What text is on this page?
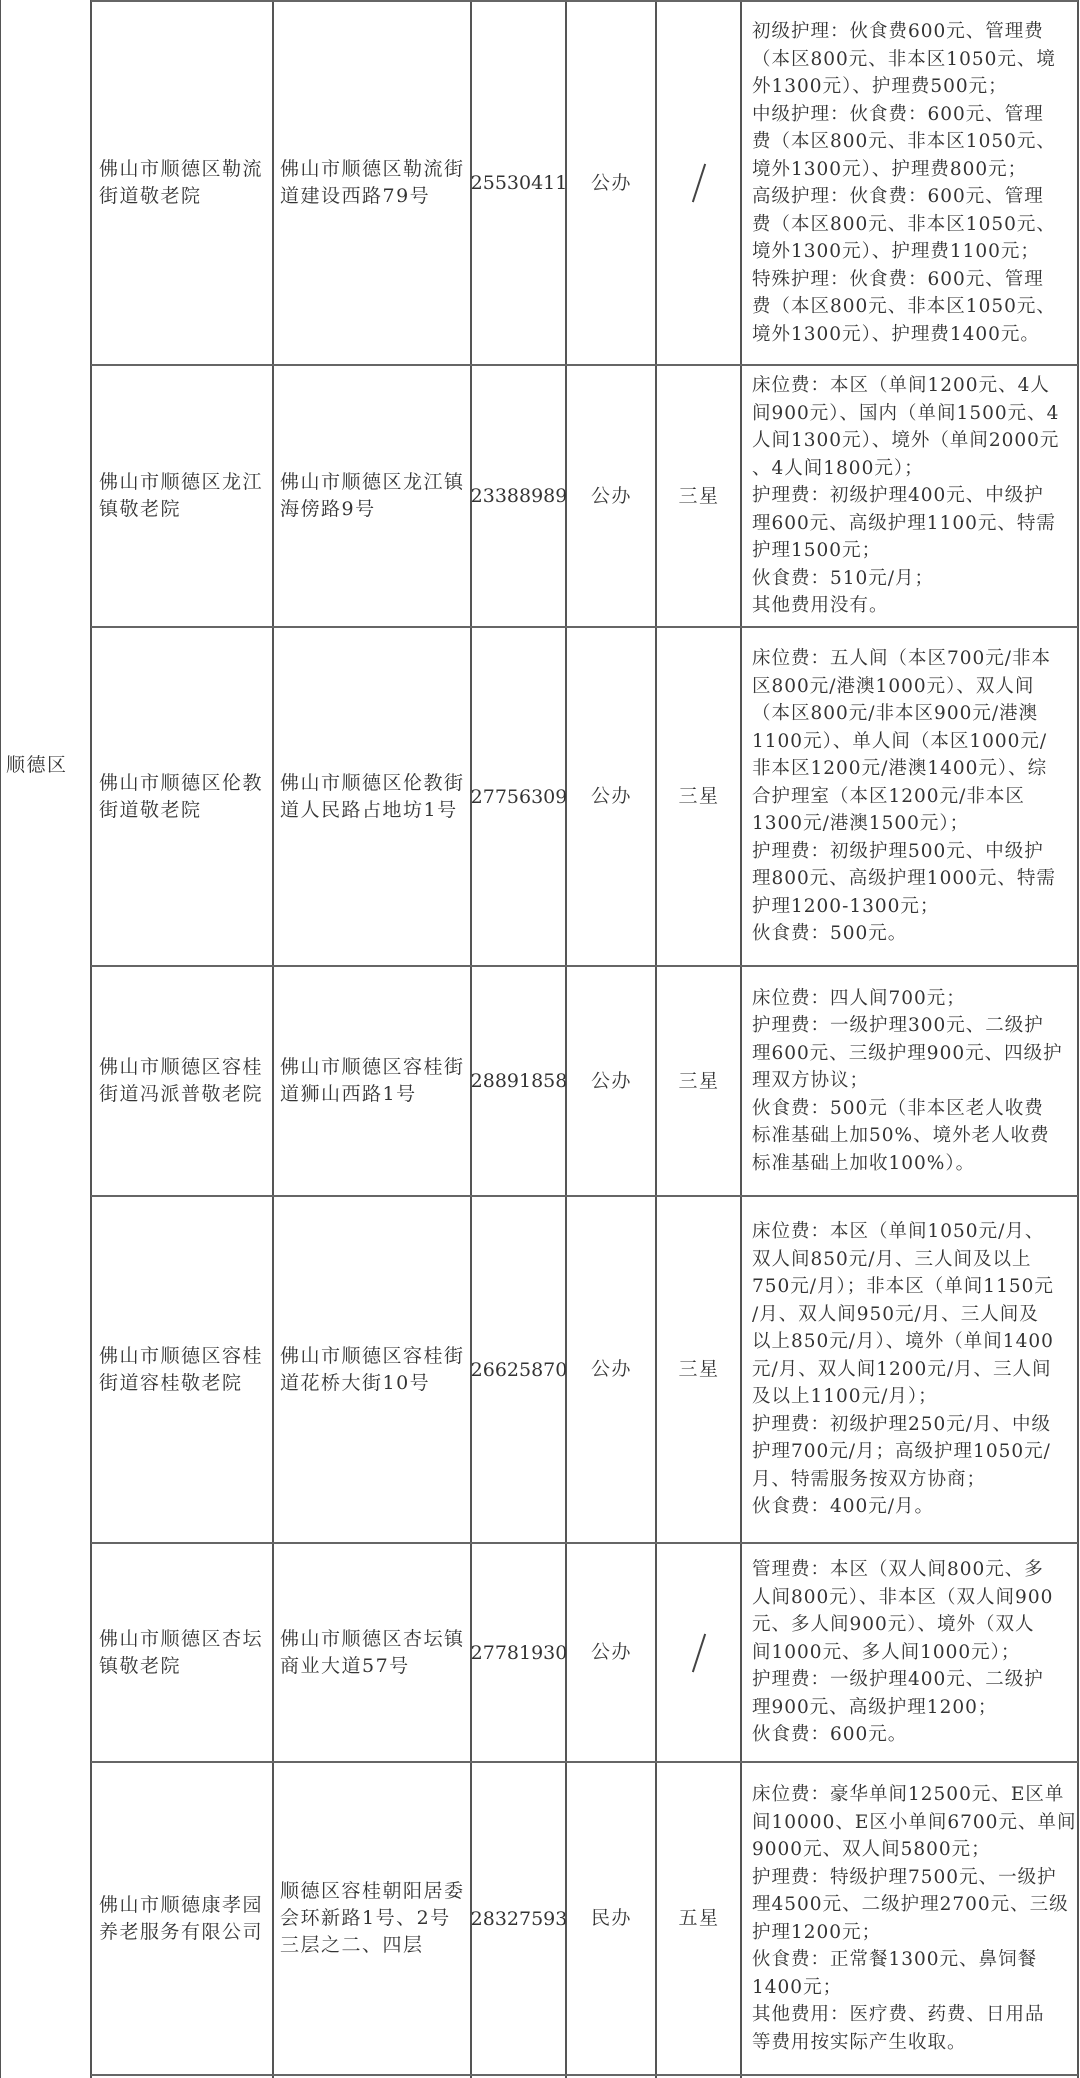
顺德区
佛山市顺德区勒流街道敬老院
佛山市顺德区勒流街道建设西路79号
25530411 公办
初级护理：伙食费600元、管理费
（本区800元、非本区1050元、境
外1300元）、护理费500元；
中级护理：伙食费：600元、管理
费（本区800元、非本区1050元、
境外1300元）、护理费800元；
高级护理：伙食费：600元、管理
费（本区800元、非本区1050元、
境外1300元）、护理费1100元；
特殊护理：伙食费：600元、管理
费（本区800元、非本区1050元、
境外1300元）、护理费1400元。
佛山市顺德区龙江镇敬老院
佛山市顺德区龙江镇海傍路9号
23388989 公办 三星
床位费：本区（单间1200元、4人
间900元）、国内（单间1500元、4
人间1300元）、境外（单间2000元
、4人间1800元）；
护理费：初级护理400元、中级护
理600元、高级护理1100元、特需
护理1500元；
伙食费：510元/月；
其他费用没有。
佛山市顺德区伦教街道敬老院
佛山市顺德区伦教街道人民路占地坊1号
27756309 公办 三星
床位费：五人间（本区700元/非本
区800元/港澳1000元）、双人间
（本区800元/非本区900元/港澳
1100元）、单人间（本区1000元/
非本区1200元/港澳1400元）、综
合护理室（本区1200元/非本区
1300元/港澳1500元）；
护理费：初级护理500元、中级护
理800元、高级护理1000元、特需
护理1200-1300元；
伙食费：500元。
佛山市顺德区容桂街道冯派普敬老院
佛山市顺德区容桂街道狮山西路1号
28891858 公办 三星
床位费：四人间700元；
护理费：一级护理300元、二级护
理600元、三级护理900元、四级护
理双方协议；
伙食费：500元（非本区老人收费
标准基础上加50%、境外老人收费
标准基础上加收100%）。
佛山市顺德区容桂街道容桂敬老院
佛山市顺德区容桂街道花桥大街10号
26625870 公办 三星
床位费：本区（单间1050元/月、
双人间850元/月、三人间及以上
750元/月）；非本区（单间1150元
/月、双人间950元/月、三人间及
以上850元/月）、境外（单间1400
元/月、双人间1200元/月、三人间
及以上1100元/月）；
护理费：初级护理250元/月、中级
护理700元/月；高级护理1050元/
月、特需服务按双方协商；
伙食费：400元/月。
佛山市顺德区杏坛镇敬老院
佛山市顺德区杏坛镇商业大道57号
27781930 公办
管理费：本区（双人间800元、多
人间800元）、非本区（双人间900
元、多人间900元）、境外（双人
间1000元、多人间1000元）；
护理费：一级护理400元、二级护
理900元、高级护理1200；
伙食费：600元。
佛山市顺德康孝园养老服务有限公司
顺德区容桂朝阳居委会环新路1号、2号三层之二、四层
28327593 民办 五星
床位费：豪华单间12500元、E区单
间10000、E区小单间6700元、单间
9000元、双人间5800元；
护理费：特级护理7500元、一级护
理4500元、二级护理2700元、三级
护理1200元；
伙食费：正常餐1300元、鼻饲餐
1400元；
其他费用：医疗费、药费、日用品
等费用按实际产生收取。
